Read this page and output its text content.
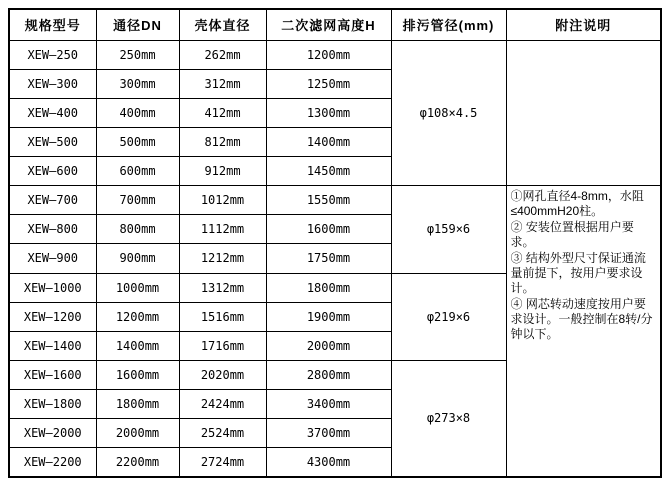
规格型号	通径DN	壳体直径	二次滤网高度H	排污管径(mm)	附注说明
XEW—250	250mm	262mm	1200mm	φ108×4.5	
XEW—300	300mm	312mm	1250mm		
XEW—400	400mm	412mm	1300mm		
XEW—500	500mm	812mm	1400mm		
XEW—600	600mm	912mm	1450mm		
XEW—700	700mm	1012mm	1550mm	φ159×6	①网孔直径4-8mm，水阻≤400mmH20柱。
② 安装位置根据用户要求。
③ 结构外型尺寸保证通流量前提下，按用户要求设计。
④ 网芯转动速度按用户要求设计。一般控制在8转/分钟以下。

XEW—800	800mm	1112mm	1600mm		
XEW—900	900mm	1212mm	1750mm		
XEW—1000	1000mm	1312mm	1800mm	φ219×6	
XEW—1200	1200mm	1516mm	1900mm		
XEW—1400	1400mm	1716mm	2000mm		
XEW—1600	1600mm	2020mm	2800mm	φ273×8	
XEW—1800	1800mm	2424mm	3400mm		
XEW—2000	2000mm	2524mm	3700mm		
XEW—2200	2200mm	2724mm	4300mm		
